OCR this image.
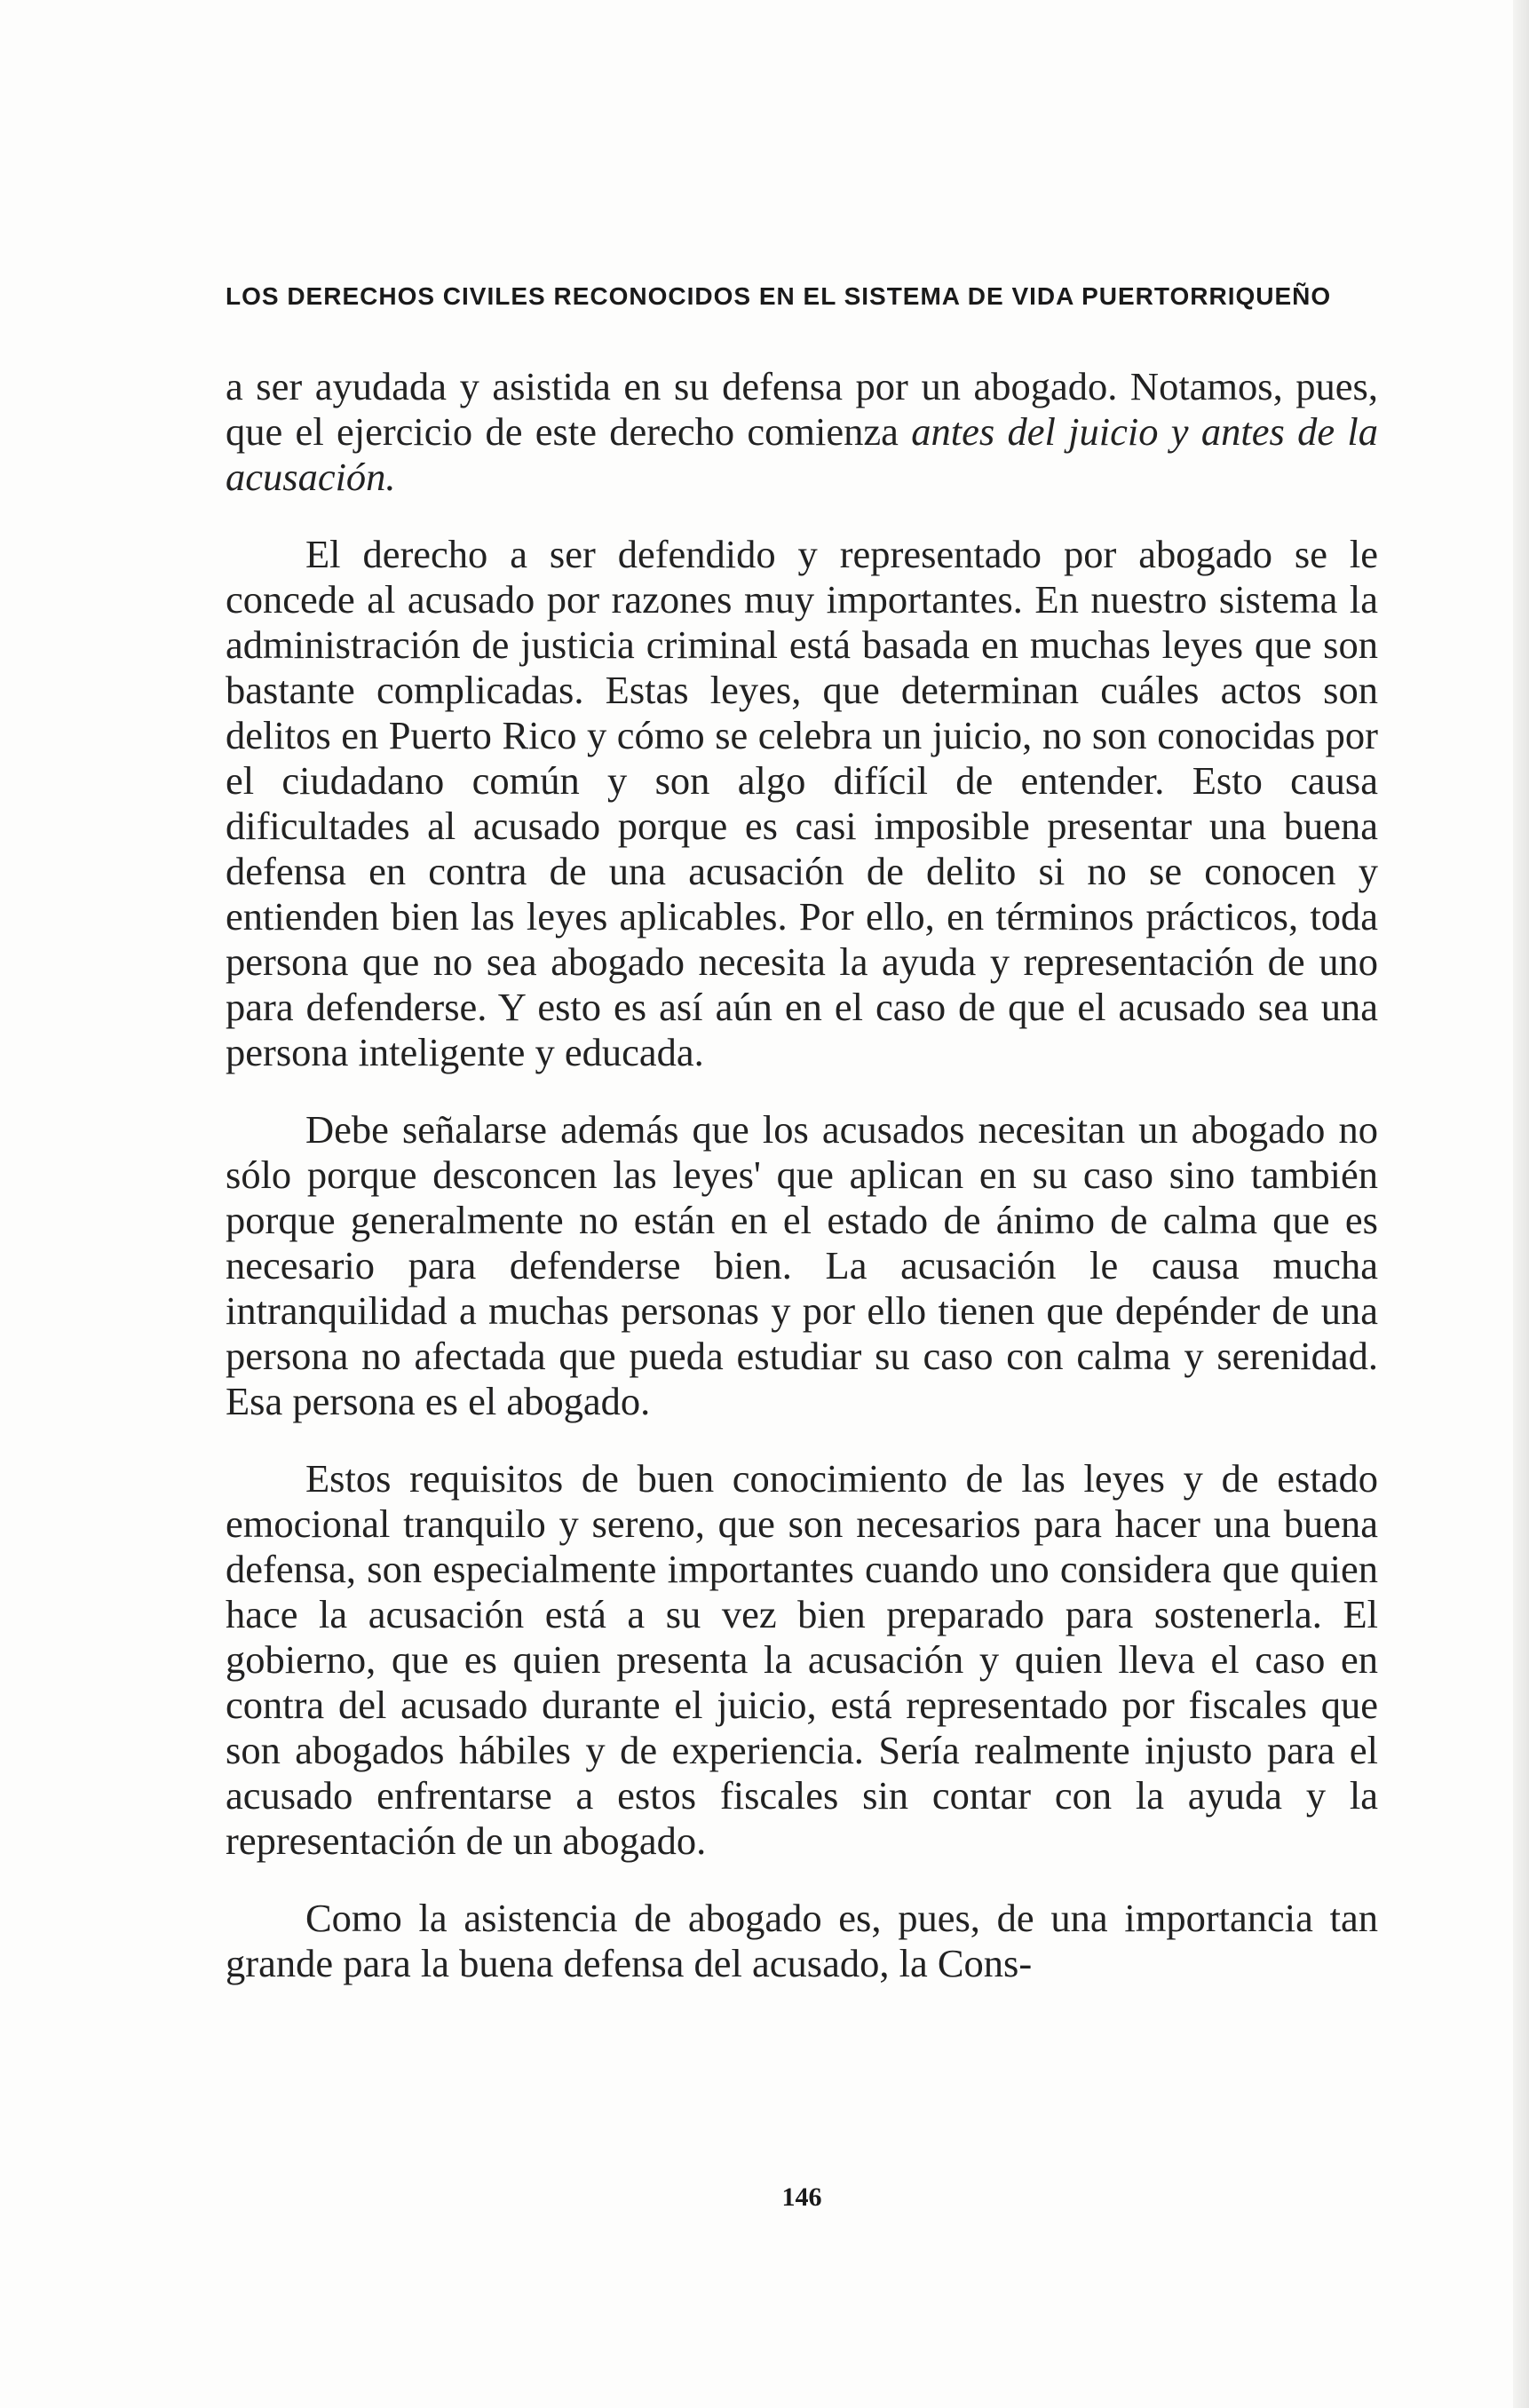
LOS DERECHOS CIVILES RECONOCIDOS EN EL SISTEMA DE VIDA PUERTORRIQUEÑO

a ser ayudada y asistida en su defensa por un abogado. Notamos, pues, que el ejercicio de este derecho comienza antes del juicio y antes de la acusación.

El derecho a ser defendido y representado por abogado se le concede al acusado por razones muy importantes. En nuestro sistema la administración de justicia criminal está basada en muchas leyes que son bastante complicadas. Estas leyes, que determinan cuáles actos son delitos en Puerto Rico y cómo se celebra un juicio, no son conocidas por el ciudadano común y son algo difícil de entender. Esto causa dificultades al acusado porque es casi imposible presentar una buena defensa en contra de una acusación de delito si no se conocen y entienden bien las leyes aplicables. Por ello, en términos prácticos, toda persona que no sea abogado necesita la ayuda y representación de uno para defenderse. Y esto es así aún en el caso de que el acusado sea una persona inteligente y educada.

Debe señalarse además que los acusados necesitan un abogado no sólo porque desconcen las leyes' que aplican en su caso sino también porque generalmente no están en el estado de ánimo de calma que es necesario para defenderse bien. La acusación le causa mucha intranquilidad a muchas personas y por ello tienen que depénder de una persona no afectada que pueda estudiar su caso con calma y serenidad. Esa persona es el abogado.

Estos requisitos de buen conocimiento de las leyes y de estado emocional tranquilo y sereno, que son necesarios para hacer una buena defensa, son especialmente importantes cuando uno considera que quien hace la acusación está a su vez bien preparado para sostenerla. El gobierno, que es quien presenta la acusación y quien lleva el caso en contra del acusado durante el juicio, está representado por fiscales que son abogados hábiles y de experiencia. Sería realmente injusto para el acusado enfrentarse a estos fiscales sin contar con la ayuda y la representación de un abogado.

Como la asistencia de abogado es, pues, de una importancia tan grande para la buena defensa del acusado, la Cons-

146
